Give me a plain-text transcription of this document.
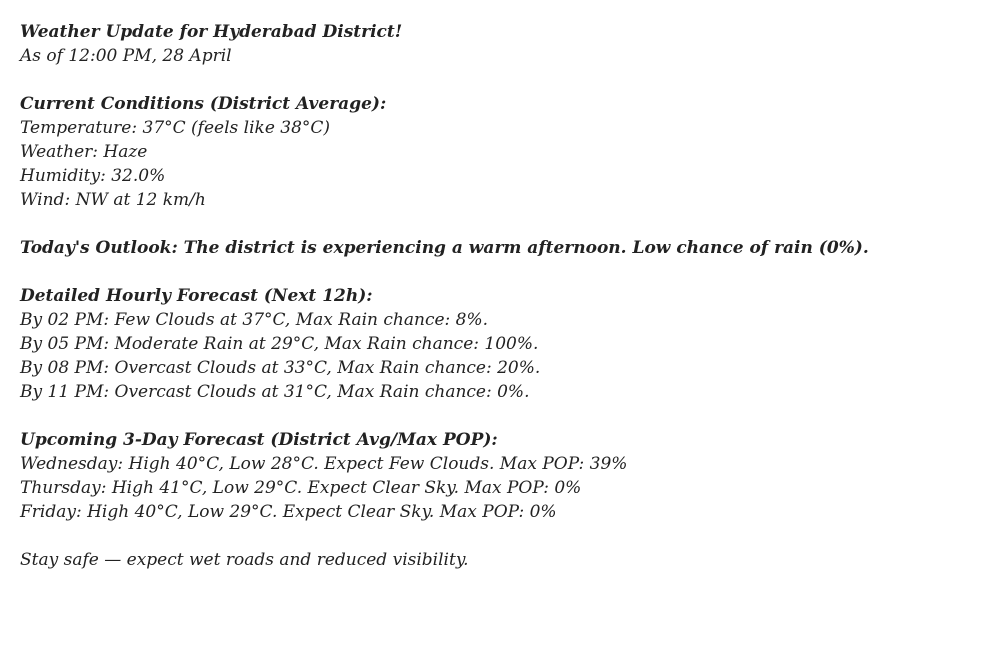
Weather Update for Hyderabad District!
As of 12:00 PM, 28 April
Current Conditions (District Average):
Temperature: 37°C (feels like 38°C)
Weather: Haze
Humidity: 32.0%
Wind: NW at 12 km/h
Today's Outlook: The district is experiencing a warm afternoon. Low chance of rain (0%).
Detailed Hourly Forecast (Next 12h):
By 02 PM: Few Clouds at 37°C, Max Rain chance: 8%.
By 05 PM: Moderate Rain at 29°C, Max Rain chance: 100%.
By 08 PM: Overcast Clouds at 33°C, Max Rain chance: 20%.
By 11 PM: Overcast Clouds at 31°C, Max Rain chance: 0%.
Upcoming 3-Day Forecast (District Avg/Max POP):
Wednesday: High 40°C, Low 28°C. Expect Few Clouds. Max POP: 39%
Thursday: High 41°C, Low 29°C. Expect Clear Sky. Max POP: 0%
Friday: High 40°C, Low 29°C. Expect Clear Sky. Max POP: 0%
Stay safe — expect wet roads and reduced visibility.
